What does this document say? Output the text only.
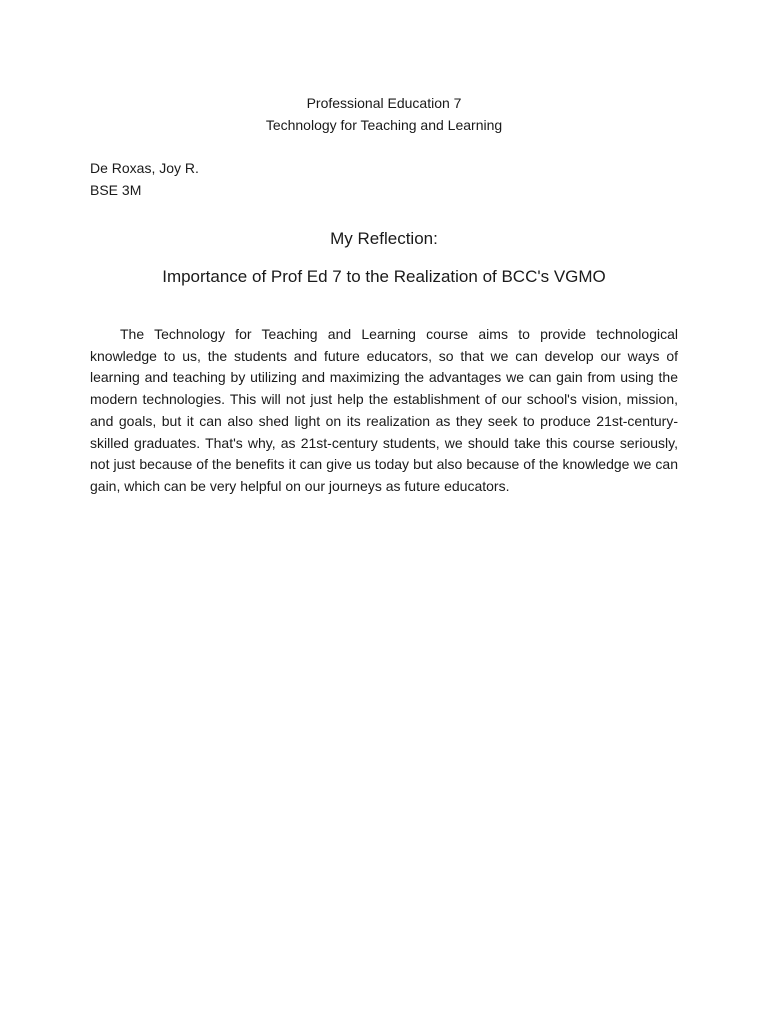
Professional Education 7
Technology for Teaching and Learning
De Roxas, Joy R.
BSE 3M
My Reflection:
Importance of Prof Ed 7 to the Realization of BCC's VGMO

The Technology for Teaching and Learning course aims to provide technological knowledge to us, the students and future educators, so that we can develop our ways of learning and teaching by utilizing and maximizing the advantages we can gain from using the modern technologies. This will not just help the establishment of our school's vision, mission, and goals, but it can also shed light on its realization as they seek to produce 21st-century-skilled graduates. That's why, as 21st-century students, we should take this course seriously, not just because of the benefits it can give us today but also because of the knowledge we can gain, which can be very helpful on our journeys as future educators.
